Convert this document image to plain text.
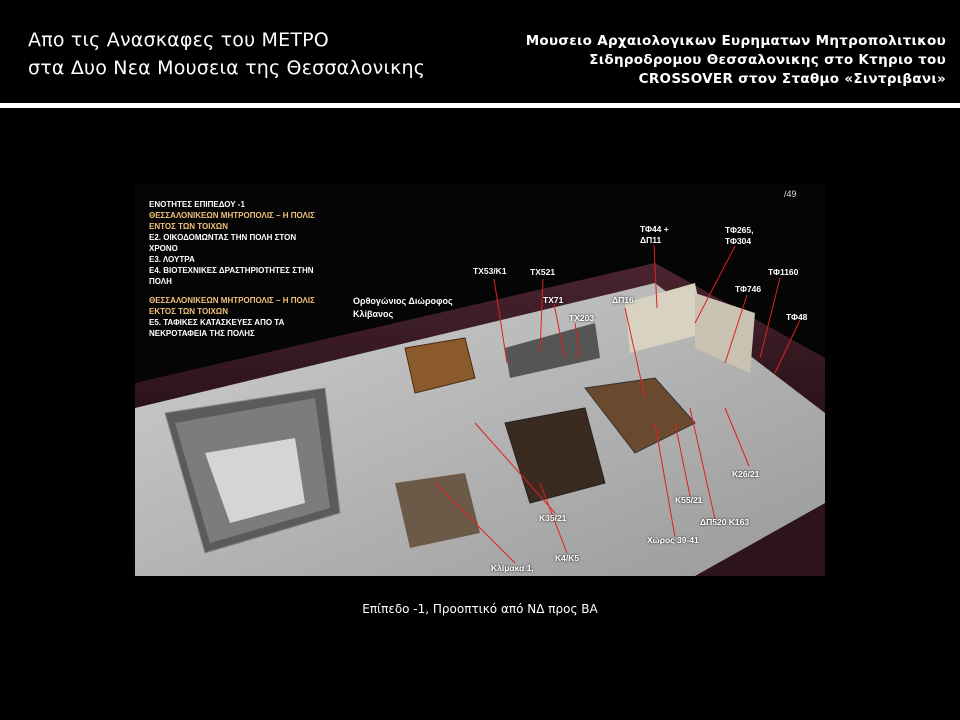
Απο τις Ανασκαφες του ΜΕΤΡΟ
στα Δυο Νεα Μουσεια της Θεσσαλονικης
Μουσειο Αρχαιολογικων Ευρηματων Μητροπολιτικου
Σιδηροδρομου Θεσσαλονικης στο Κτηριο του
CROSSOVER στον Σταθμο «Σιντριβανι»
ΕΝΟΤΗΤΕΣ ΕΠΙΠΕΔΟΥ -1
ΘΕΣΣΑΛΟΝΙΚΕΩΝ ΜΗΤΡΟΠΟΛΙΣ – Η ΠΟΛΙΣ
ΕΝΤΟΣ ΤΩΝ ΤΟΙΧΩΝ
Ε2. ΟΙΚΟΔΟΜΩΝΤΑΣ ΤΗΝ ΠΟΛΗ ΣΤΟΝ
ΧΡΟΝΟ
Ε3. ΛΟΥΤΡΑ
Ε4. ΒΙΟΤΕΧΝΙΚΕΣ ΔΡΑΣΤΗΡΙΟΤΗΤΕΣ ΣΤΗΝ
ΠΟΛΗ
ΘΕΣΣΑΛΟΝΙΚΕΩΝ ΜΗΤΡΟΠΟΛΙΣ – Η ΠΟΛΙΣ
ΕΚΤΟΣ ΤΩΝ ΤΟΙΧΩΝ
Ε5. ΤΑΦΙΚΕΣ ΚΑΤΑΣΚΕΥΕΣ ΑΠΟ ΤΑ
ΝΕΚΡΟΤΑΦΕΙΑ ΤΗΣ ΠΟΛΗΣ
/49
Ορθογώνιος Διώροφος
Κλίβανος
ΤΧ53/Κ1	ΤΧ521
ΤΧ71
ΤΧ203
ΔΠ16
ΤΦ44 +
ΔΠ11
ΤΦ265,
ΤΦ304
ΤΦ1160
ΤΦ746
ΤΦ48
Κ26/21
Κ55/21
ΔΠ520 Κ163
Χώρος 39-41
Κ35/21
Κ4/Κ5
Κλίμακα 1,
Επίπεδο -1, Προοπτικό από ΝΔ προς ΒΑ
